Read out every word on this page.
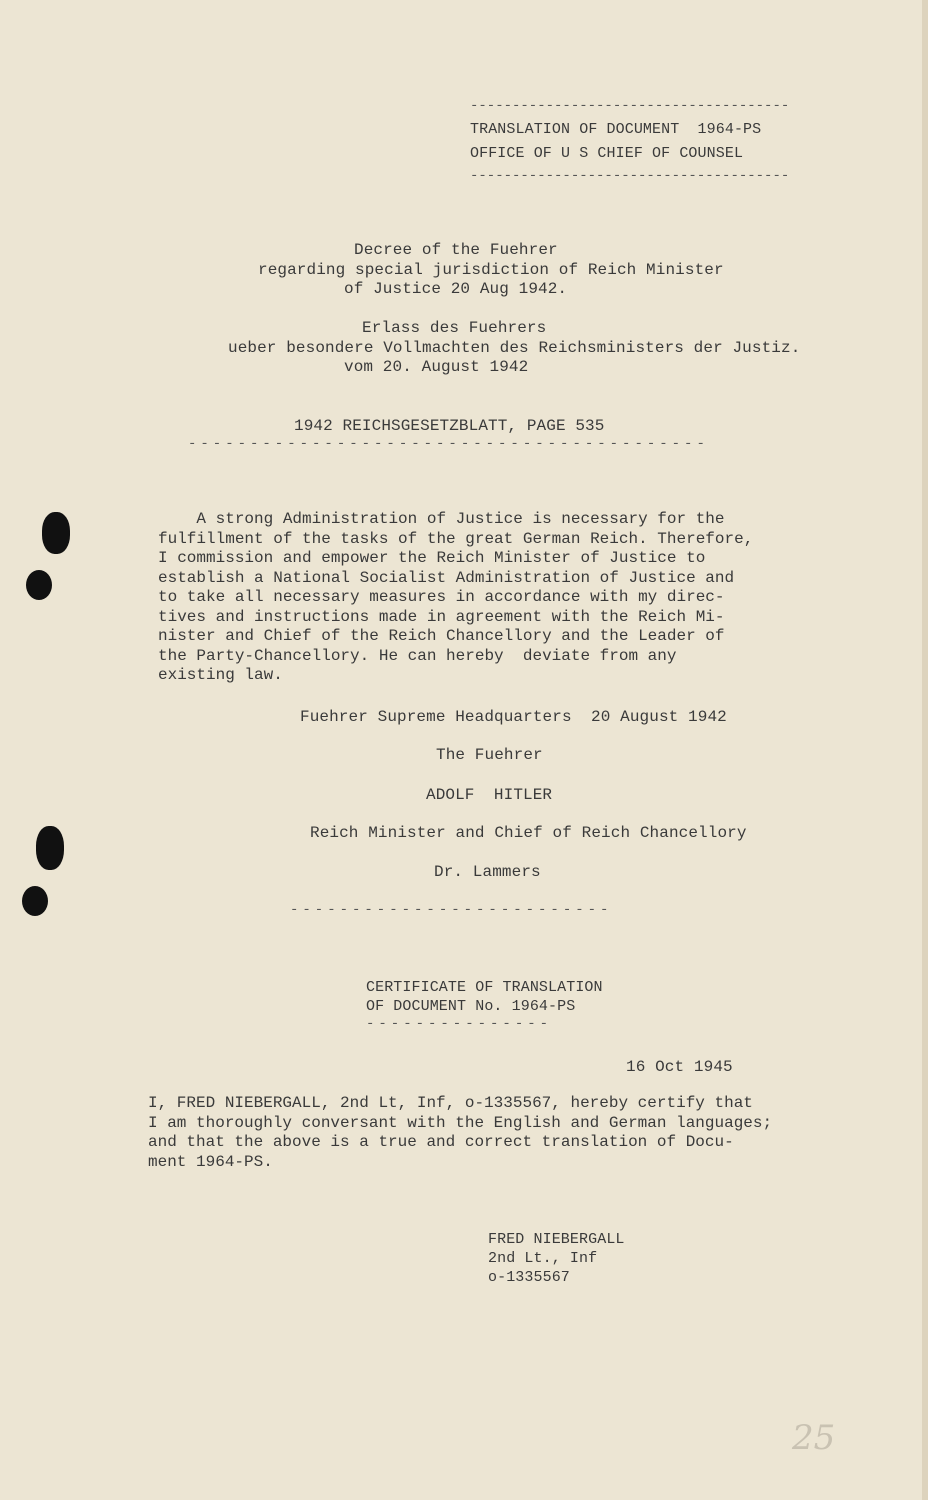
--------------------------------------
TRANSLATION OF DOCUMENT  1964-PS
OFFICE OF U S CHIEF OF COUNSEL
--------------------------------------
Decree of the Fuehrer
regarding special jurisdiction of Reich Minister
of Justice 20 Aug 1942.
Erlass des Fuehrers
ueber besondere Vollmachten des Reichsministers der Justiz.
vom 20. August 1942
1942 REICHSGESETZBLATT, PAGE 535
------------------------------------------
A strong Administration of Justice is necessary for the
fulfillment of the tasks of the great German Reich. Therefore,
I commission and empower the Reich Minister of Justice to
establish a National Socialist Administration of Justice and
to take all necessary measures in accordance with my direc-
tives and instructions made in agreement with the Reich Mi-
nister and Chief of the Reich Chancellory and the Leader of
the Party-Chancellory. He can hereby  deviate from any
existing law.
Fuehrer Supreme Headquarters  20 August 1942
The Fuehrer
ADOLF  HITLER
Reich Minister and Chief of Reich Chancellory
Dr. Lammers
--------------------------
CERTIFICATE OF TRANSLATION
OF DOCUMENT No. 1964-PS
---------------
16 Oct 1945
I, FRED NIEBERGALL, 2nd Lt, Inf, o-1335567, hereby certify that
I am thoroughly conversant with the English and German languages;
and that the above is a true and correct translation of Docu-
ment 1964-PS.
FRED NIEBERGALL
2nd Lt., Inf
o-1335567
25
